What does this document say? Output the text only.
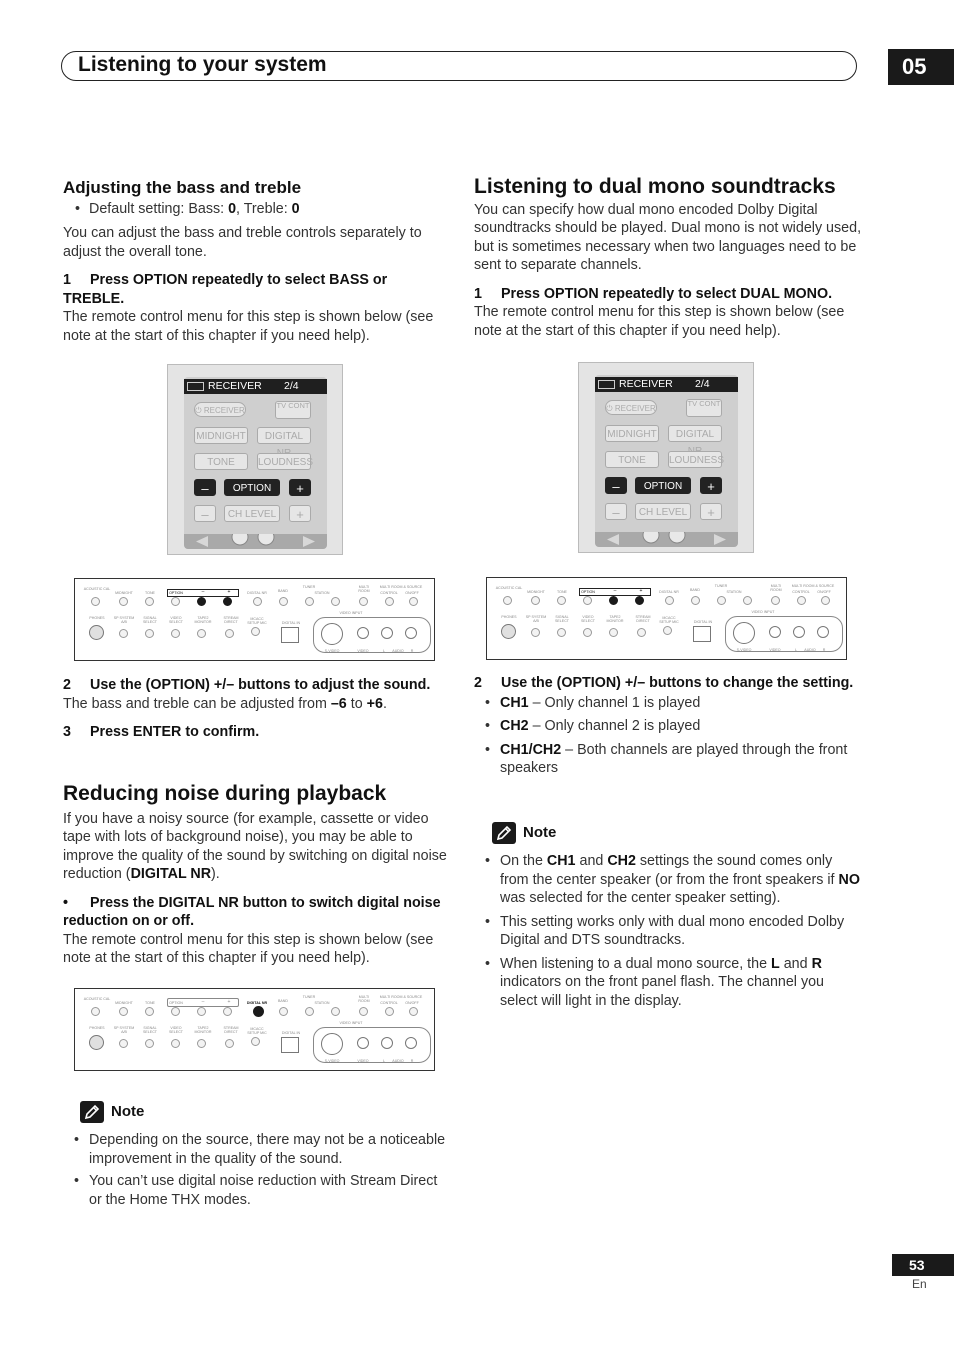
Listening to your system	05
Adjusting the bass and treble
• Default setting: Bass: 0, Treble: 0

You can adjust the bass and treble controls separately to adjust the overall tone.

1 Press OPTION repeatedly to select BASS or TREBLE.

The remote control menu for this step is shown below (see note at the start of this chapter if you need help).

RECEIVER 2/4
⏻ RECEIVER
TV CONT
MIDNIGHT	DIGITAL
TONE	LOUDNESS
–	OPTION	+
–	CH LEVEL	+
ACOUSTIC CAL
MIDNIGHT	TONE	OPTION	–	+	DIGITAL NR	BAND
TUNER
STATION
MULTI ROOM
MULTI ROOM & SOURCE
CONTROL	ON/OFF
PHONES	SP SYSTEM A/B
SIGNAL SELECT
VIDEO SELECT
TAPE2 MONITOR
STREAM DIRECT
MCACC SETUP MIC	DIGITAL IN
VIDEO INPUT
S-VIDEO	VIDEO	L	AUDIO	R

2 Use the (OPTION) +/– buttons to adjust the sound.

The bass and treble can be adjusted from –6 to +6.

3 Press ENTER to confirm.

Reducing noise during playback

If you have a noisy source (for example, cassette or video tape with lots of background noise), you may be able to improve the quality of the sound by switching on digital noise reduction (DIGITAL NR).

• Press the DIGITAL NR button to switch digital noise reduction on or off.

The remote control menu for this step is shown below (see note at the start of this chapter if you need help).

ACOUSTIC CAL
MIDNIGHT	TONE	OPTION	–	+	DIGITAL NR	BAND
TUNER
STATION
MULTI ROOM
MULTI ROOM & SOURCE
CONTROL	ON/OFF
PHONES	SP SYSTEM A/B
SIGNAL SELECT
VIDEO SELECT
TAPE2 MONITOR
STREAM DIRECT
MCACC SETUP MIC	DIGITAL IN
VIDEO INPUT
S-VIDEO	VIDEO	L	AUDIO	R
Note
• Depending on the source, there may not be a noticeable improvement in the quality of the sound.
• You can’t use digital noise reduction with Stream Direct or the Home THX modes.
Listening to dual mono soundtracks

You can specify how dual mono encoded Dolby Digital soundtracks should be played. Dual mono is not widely used, but is sometimes necessary when two languages need to be sent to separate channels.

1 Press OPTION repeatedly to select DUAL MONO.

The remote control menu for this step is shown below (see note at the start of this chapter if you need help).

RECEIVER 2/4
⏻ RECEIVER
TV CONT
MIDNIGHT	DIGITAL
TONE	LOUDNESS
–	OPTION	+
–	CH LEVEL	+
ACOUSTIC CAL
MIDNIGHT	TONE	OPTION	–	+	DIGITAL NR	BAND
TUNER
STATION
MULTI ROOM
MULTI ROOM & SOURCE
CONTROL	ON/OFF
PHONES	SP SYSTEM A/B
SIGNAL SELECT
VIDEO SELECT
TAPE2 MONITOR
STREAM DIRECT
MCACC SETUP MIC	DIGITAL IN
VIDEO INPUT
S-VIDEO	VIDEO	L	AUDIO	R

2 Use the (OPTION) +/– buttons to change the setting.

• CH1 – Only channel 1 is played
• CH2 – Only channel 2 is played
• CH1/CH2 – Both channels are played through the front speakers
Note
• On the CH1 and CH2 settings the sound comes only from the center speaker (or from the front speakers if NO was selected for the center speaker setting).
• This setting works only with dual mono encoded Dolby Digital and DTS soundtracks.
• When listening to a dual mono source, the L and R indicators on the front panel flash. The channel you select will light in the display.
53
En
